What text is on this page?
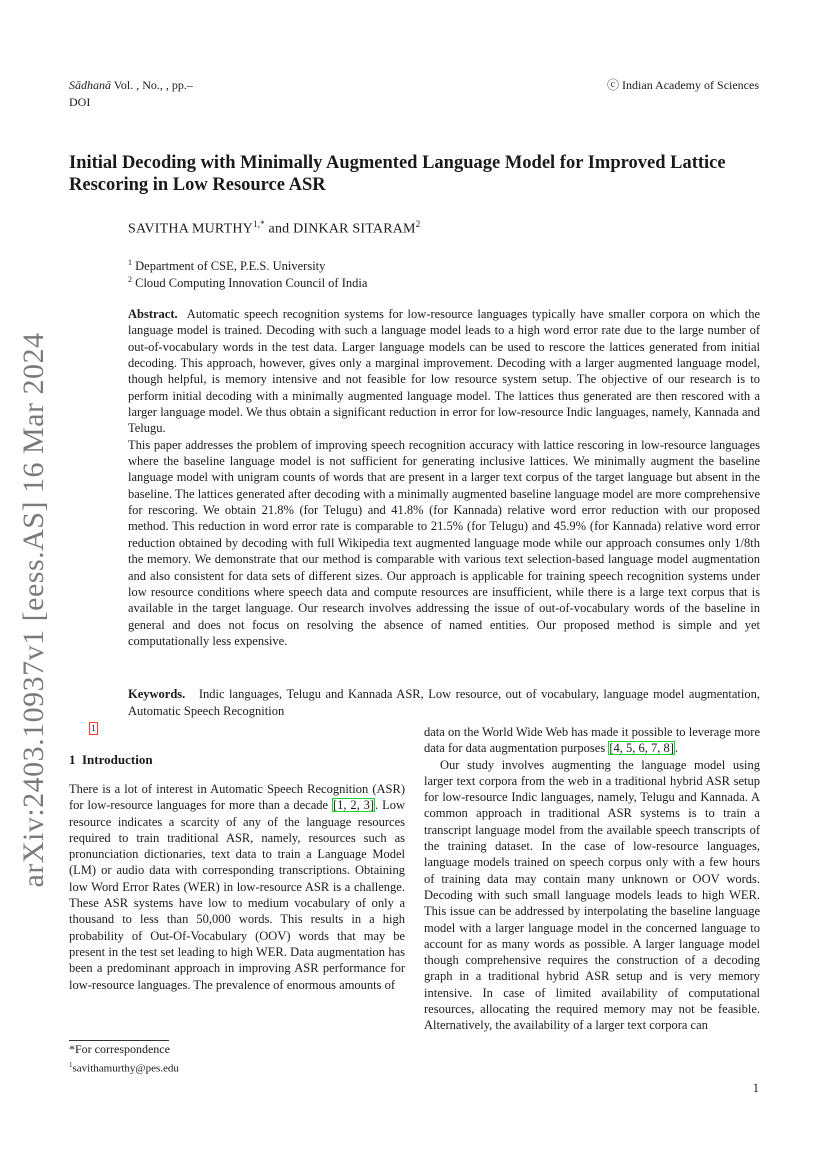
Sādhanā Vol. , No., , pp.–
DOI
ⓒ Indian Academy of Sciences
arXiv:2403.10937v1 [eess.AS] 16 Mar 2024
Initial Decoding with Minimally Augmented Language Model for Improved Lattice Rescoring in Low Resource ASR
SAVITHA $MURTHY^{1,*}$ and DINKAR SITARAM$^2$
$^1$ Department of CSE, P.E.S. University
$^2$ Cloud Computing Innovation Council of India

Abstract. Automatic speech recognition systems for low-resource languages typically have smaller corpora on which the language model is trained. Decoding with such a language model leads to a high word error rate due to the large number of out-of-vocabulary words in the test data. Larger language models can be used to rescore the lattices generated from initial decoding. This approach, however, gives only a marginal improvement. Decoding with a larger augmented language model, though helpful, is memory intensive and not feasible for low resource system setup. The objective of our research is to perform initial decoding with a minimally augmented language model. The lattices thus generated are then rescored with a larger language model. We thus obtain a significant reduction in error for low-resource Indic languages, namely, Kannada and Telugu.

This paper addresses the problem of improving speech recognition accuracy with lattice rescoring in low-resource languages where the baseline language model is not sufficient for generating inclusive lattices. We minimally augment the baseline language model with unigram counts of words that are present in a larger text corpus of the target language but absent in the baseline. The lattices generated after decoding with a minimally augmented baseline language model are more comprehensive for rescoring. We obtain 21.8% (for Telugu) and 41.8% (for Kannada) relative word error reduction with our proposed method. This reduction in word error rate is comparable to 21.5% (for Telugu) and 45.9% (for Kannada) relative word error reduction obtained by decoding with full Wikipedia text augmented language mode while our approach consumes only 1/8th the memory. We demonstrate that our method is comparable with various text selection-based language model augmentation and also consistent for data sets of different sizes. Our approach is applicable for training speech recognition systems under low resource conditions where speech data and compute resources are insufficient, while there is a large text corpus that is available in the target language. Our research involves addressing the issue of out-of-vocabulary words of the baseline in general and does not focus on resolving the absence of named entities. Our proposed method is simple and yet computationally less expensive.

Keywords. Indic languages, Telugu and Kannada ASR, Low resource, out of vocabulary, language model augmentation, Automatic Speech Recognition
1
1 Introduction

There is a lot of interest in Automatic Speech Recognition (ASR) for low-resource languages for more than a decade [1, 2, 3]. Low resource indicates a scarcity of any of the language resources required to train traditional ASR, namely, resources such as pronunciation dictionaries, text data to train a Language Model (LM) or audio data with corresponding transcriptions. Obtaining low Word Error Rates (WER) in low-resource ASR is a challenge. These ASR systems have low to medium vocabulary of only a thousand to less than 50,000 words. This results in a high probability of Out-Of-Vocabulary (OOV) words that may be present in the test set leading to high WER. Data augmentation has been a predominant approach in improving ASR performance for low-resource languages. The prevalence of enormous amounts of

data on the World Wide Web has made it possible to leverage more data for data augmentation purposes [4, 5, 6, 7, 8].

Our study involves augmenting the language model using larger text corpora from the web in a traditional hybrid ASR setup for low-resource Indic languages, namely, Telugu and Kannada. A common approach in traditional ASR systems is to train a transcript language model from the available speech transcripts of the training dataset. In the case of low-resource languages, language models trained on speech corpus only with a few hours of training data may contain many unknown or OOV words. Decoding with such small language models leads to high WER. This issue can be addressed by interpolating the baseline language model with a larger language model in the concerned language to account for as many words as possible. A larger language model though comprehensive requires the construction of a decoding graph in a traditional hybrid ASR setup and is very memory intensive. In case of limited availability of computational resources, allocating the required memory may not be feasible. Alternatively, the availability of a larger text corpora can

*For correspondence
$^1$savithamurthy@pes.edu
1
